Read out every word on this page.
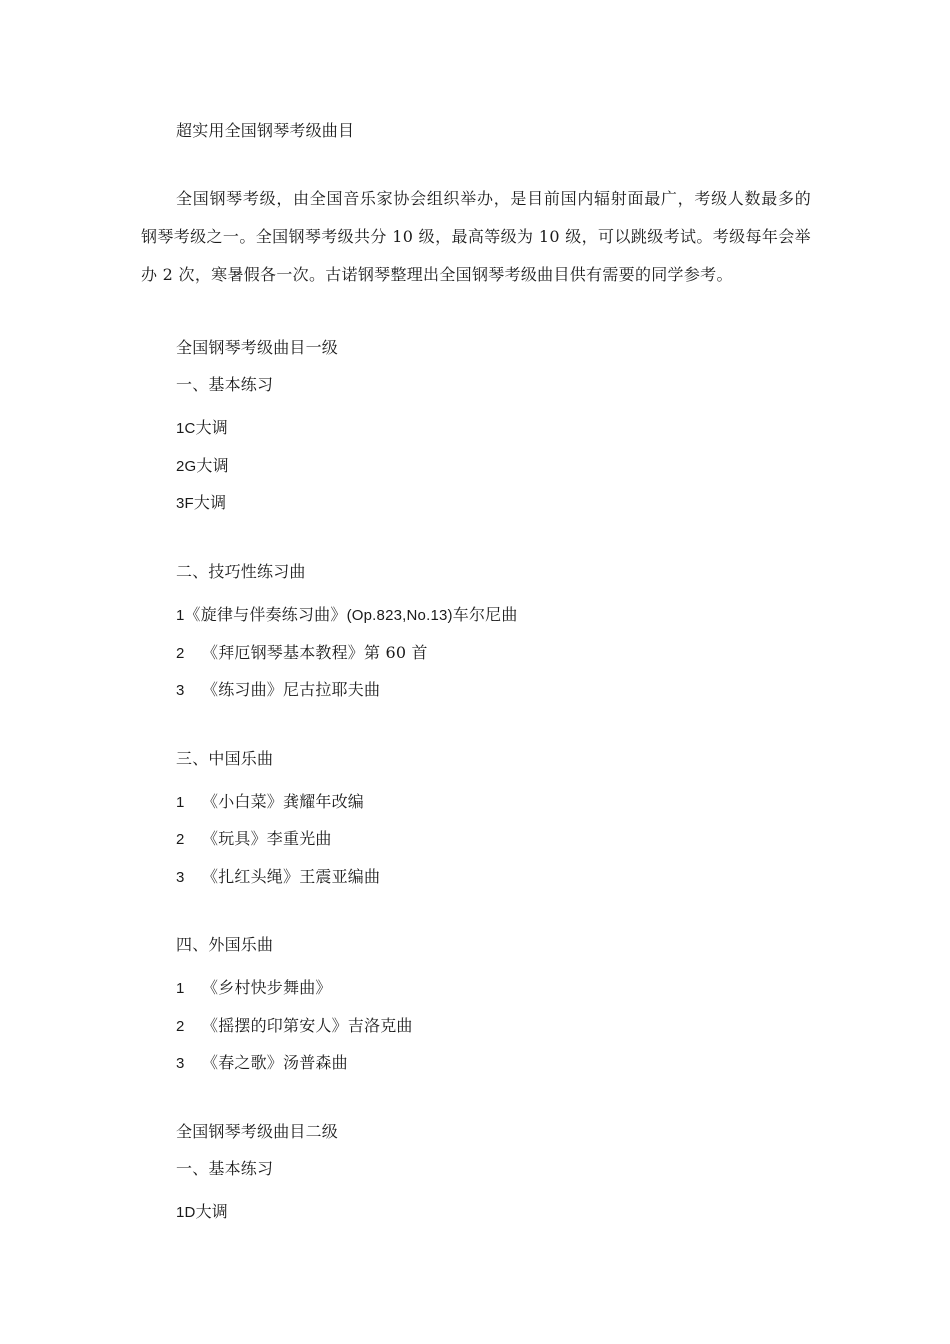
超实用全国钢琴考级曲目
全国钢琴考级，由全国音乐家协会组织举办，是目前国内辐射面最广，考级人数最多的钢琴考级之一。全国钢琴考级共分 10 级，最高等级为 10 级，可以跳级考试。考级每年会举办 2 次，寒暑假各一次。古诺钢琴整理出全国钢琴考级曲目供有需要的同学参考。
全国钢琴考级曲目一级
一、基本练习
1C大调
2G大调
3F大调
二、技巧性练习曲
1《旋律与伴奏练习曲》(Op.823,No.13)车尔尼曲
2 《拜厄钢琴基本教程》第 60 首
3 《练习曲》尼古拉耶夫曲
三、中国乐曲
1 《小白菜》龚耀年改编
2 《玩具》李重光曲
3 《扎红头绳》王震亚编曲
四、外国乐曲
1 《乡村快步舞曲》
2 《摇摆的印第安人》吉洛克曲
3 《春之歌》汤普森曲
全国钢琴考级曲目二级
一、基本练习
1D大调
